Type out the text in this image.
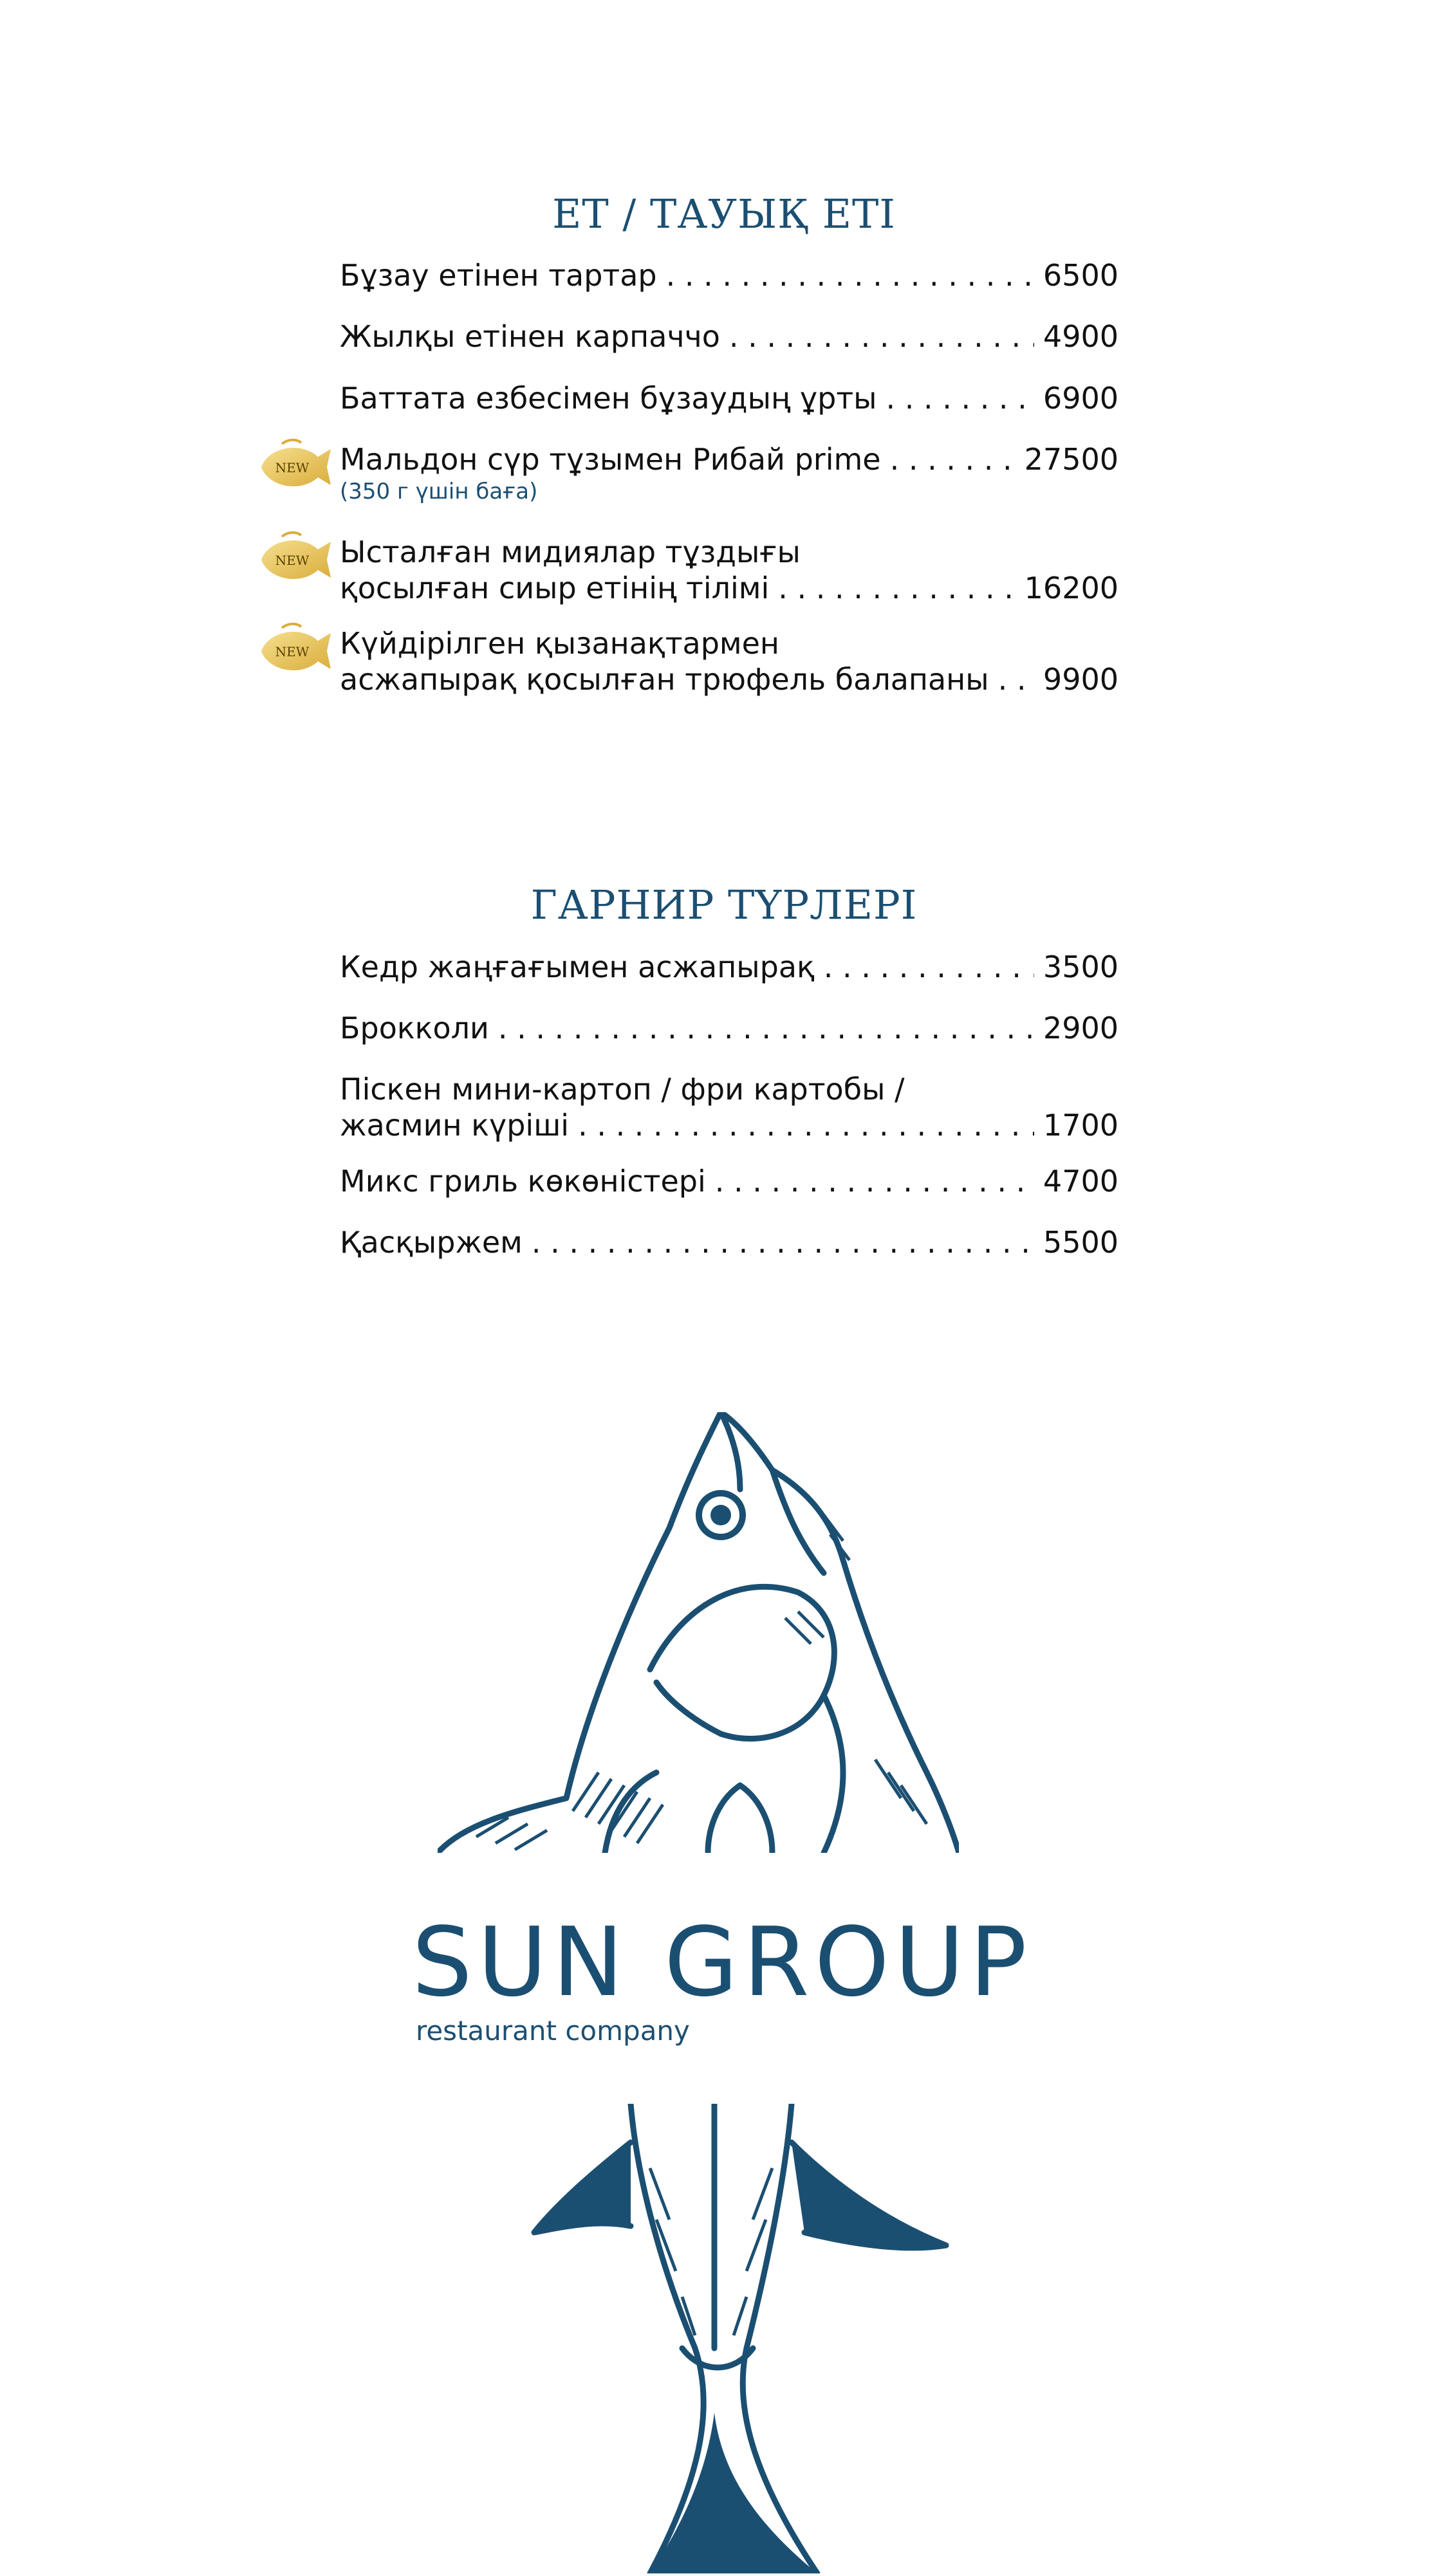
ЕТ / ТАУЫҚ ЕТІ
Бұзау етінен тартар . . .	6500
Жылқы етінен карпаччо . . .	4900
Баттата езбесімен бұзаудың ұрты . . .	6900
NEW Мальдон сүр тұзымен Рибай prime . . .	27500
(350 г үшін баға)
NEW Ысталған мидиялар тұздығы
қосылған сиыр етінің тілімі . . .	16200
NEW Күйдірілген қызанақтармен
асжапырақ қосылған трюфель балапаны . . . 9900
ГАРНИР ТҮРЛЕРІ
Кедр жаңғағымен асжапырақ . . .	3500
Брокколи . . .	2900
Піскен мини-картоп / фри картобы /
жасмин күріші . . .	1700
Микс гриль көкөністері . . .	4700
Қасқыржем . . .	5500
SUN GROUP
restaurant company
